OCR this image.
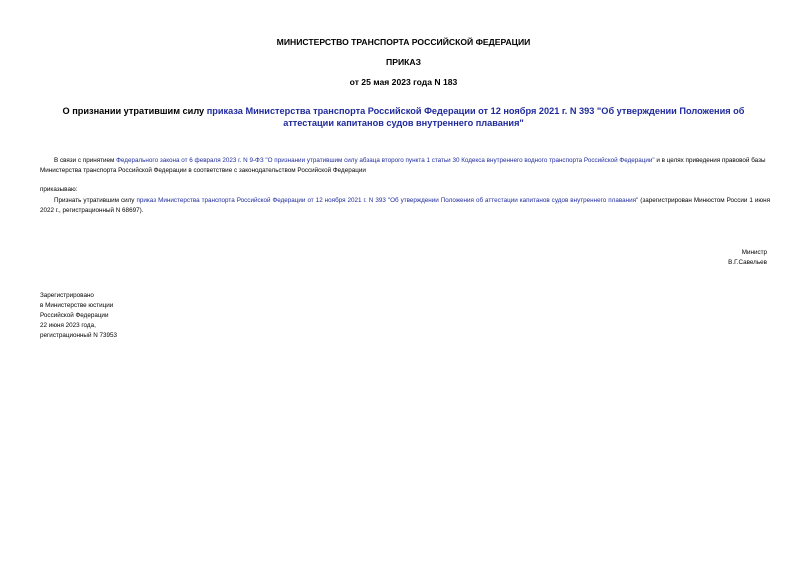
МИНИСТЕРСТВО ТРАНСПОРТА РОССИЙСКОЙ ФЕДЕРАЦИИ
ПРИКАЗ
от 25 мая 2023 года N 183
О признании утратившим силу приказа Министерства транспорта Российской Федерации от 12 ноября 2021 г. N 393 "Об утверждении Положения об аттестации капитанов судов внутреннего плавания"
В связи с принятием Федерального закона от 6 февраля 2023 г. N 9-ФЗ "О признании утратившим силу абзаца второго пункта 1 статьи 30 Кодекса внутреннего водного транспорта Российской Федерации" и в целях приведения правовой базы Министерства транспорта Российской Федерации в соответствие с законодательством Российской Федерации
приказываю:
Признать утратившим силу приказ Министерства транспорта Российской Федерации от 12 ноября 2021 г. N 393 "Об утверждении Положения об аттестации капитанов судов внутреннего плавания" (зарегистрирован Минюстом России 1 июня 2022 г., регистрационный N 68697).
Министр
В.Г.Савельев
Зарегистрировано
в Министерстве юстиции
Российской Федерации
22 июня 2023 года,
регистрационный N 73953
